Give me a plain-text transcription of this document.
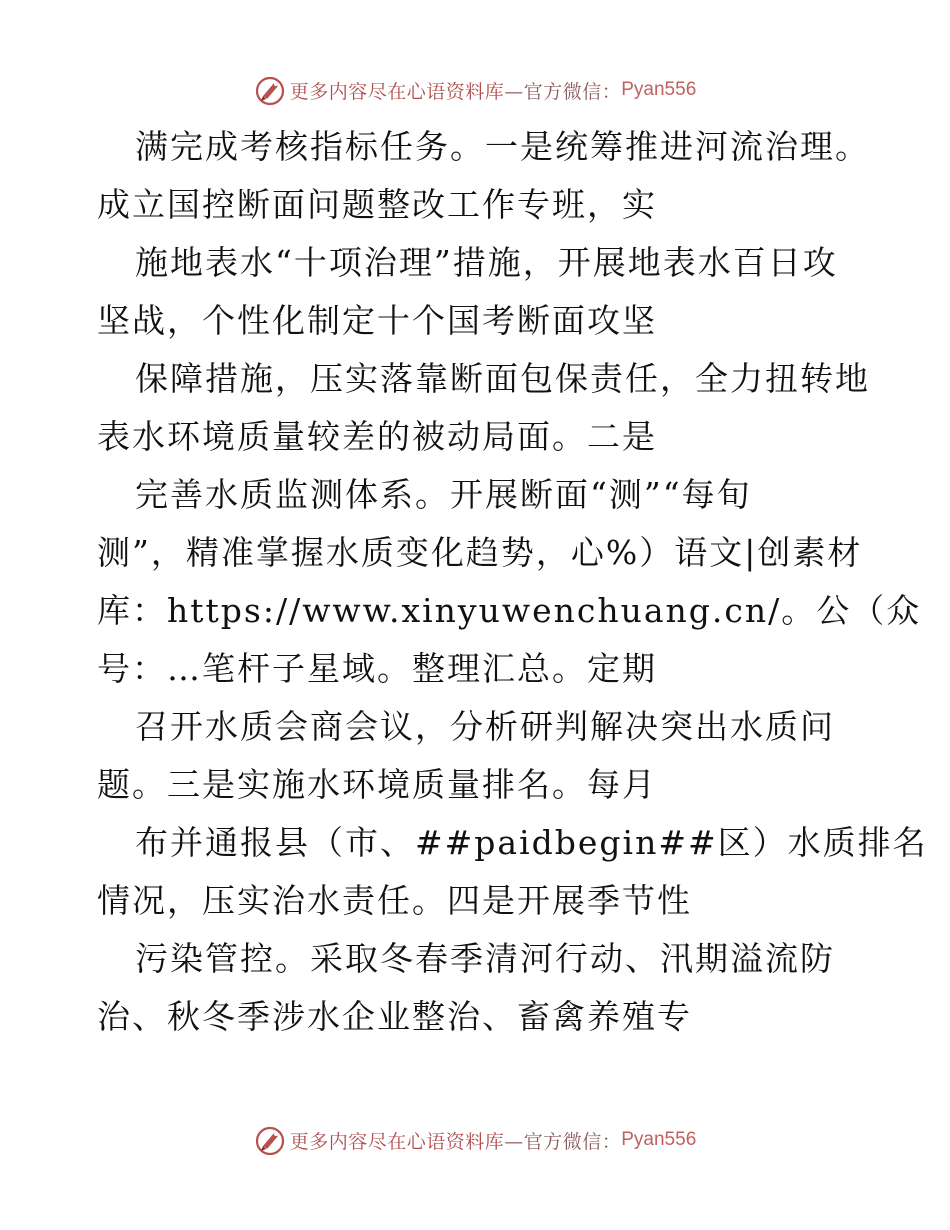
更多内容尽在心语资料库—官方微信： Pyan556
满完成考核指标任务。一是统筹推进河流治理。
成立国控断面问题整改工作专班，实
施地表水“十项治理”措施，开展地表水百日攻
坚战，个性化制定十个国考断面攻坚
保障措施，压实落靠断面包保责任，全力扭转地
表水环境质量较差的被动局面。二是
完善水质监测体系。开展断面“测”“每旬
测”，精准掌握水质变化趋势，心%）语文|创素材
库：https://www.xinyuwenchuang.cn/。公（众
号：…笔杆子星域。整理汇总。定期
召开水质会商会议，分析研判解决突出水质问
题。三是实施水环境质量排名。每月
布并通报县（市、##paidbegin##区）水质排名
情况，压实治水责任。四是开展季节性
污染管控。采取冬春季清河行动、汛期溢流防
治、秋冬季涉水企业整治、畜禽养殖专
更多内容尽在心语资料库—官方微信： Pyan556
